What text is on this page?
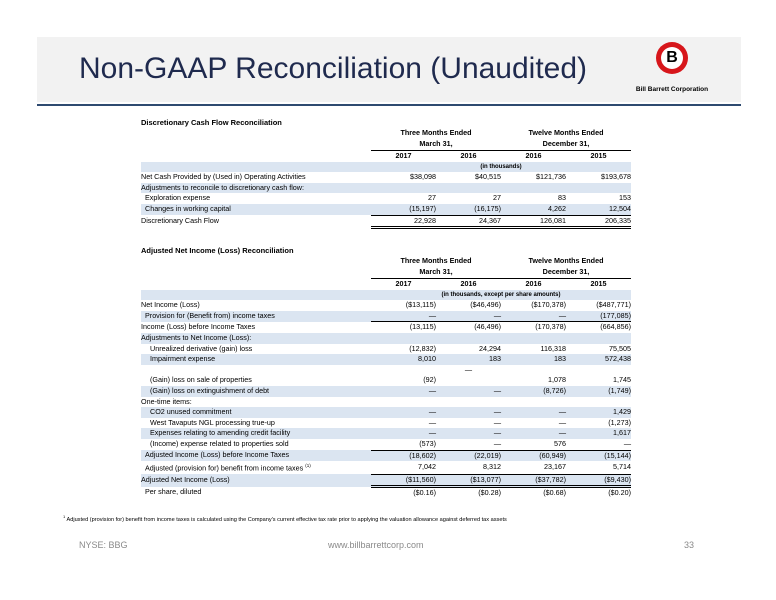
Non-GAAP Reconciliation (Unaudited)	B
Bill Barrett Corporation
Discretionary Cash Flow Reconciliation
Three Months Ended	Twelve Months Ended
March 31,	December 31,
	2017	2016	2016	2015
	(in thousands)			
Net Cash Provided by (Used in) Operating Activities	$38,098	$40,515	$121,736	$193,678
Adjustments to reconcile to discretionary cash flow:				
Exploration expense	27	27	83	153
Changes in working capital	(15,197)	(16,175)	4,262	12,504
Discretionary Cash Flow	22,928	24,367	126,081	206,335
Adjusted Net Income (Loss) Reconciliation
Three Months Ended	Twelve Months Ended
March 31,	December 31,
	2017	2016	2016	2015
	(in thousands, except per share amounts)			
Net Income (Loss)	($13,115)	($46,496)	($170,378)	($487,771)
Provision for (Benefit from) income taxes	—	—	—	(177,085)
Income (Loss) before Income Taxes	(13,115)	(46,496)	(170,378)	(664,856)
Adjustments to Net Income (Loss):				
Unrealized derivative (gain) loss	(12,832)	24,294	116,318	75,505
Impairment expense	8,010	183	183	572,438
		—		
(Gain) loss on sale of properties	(92)		1,078	1,745
(Gain) loss on extinguishment of debt	—	—	(8,726)	(1,749)
One-time items:				
CO2 unused commitment	—	—	—	1,429
West Tavaputs NGL processing true-up	—	—	—	(1,273)
Expenses relating to amending credit facility	—	—	—	1,617
(Income) expense related to properties sold	(573)	—	576	—
Adjusted Income (Loss) before Income Taxes	(18,602)	(22,019)	(60,949)	(15,144)
Adjusted (provision for) benefit from income taxes $^{(1)}$	7,042	8,312	23,167	5,714
Adjusted Net Income (Loss)	($11,560)	($13,077)	($37,782)	($9,430)
Per share, diluted	($0.16)	($0.28)	($0.68)	($0.20)
$^1$ Adjusted (provision for) benefit from income taxes is calculated using the Company's current effective tax rate prior to applying the valuation allowance against deferred tax assets
NYSE: BBG	www.billbarrettcorp.com	33
